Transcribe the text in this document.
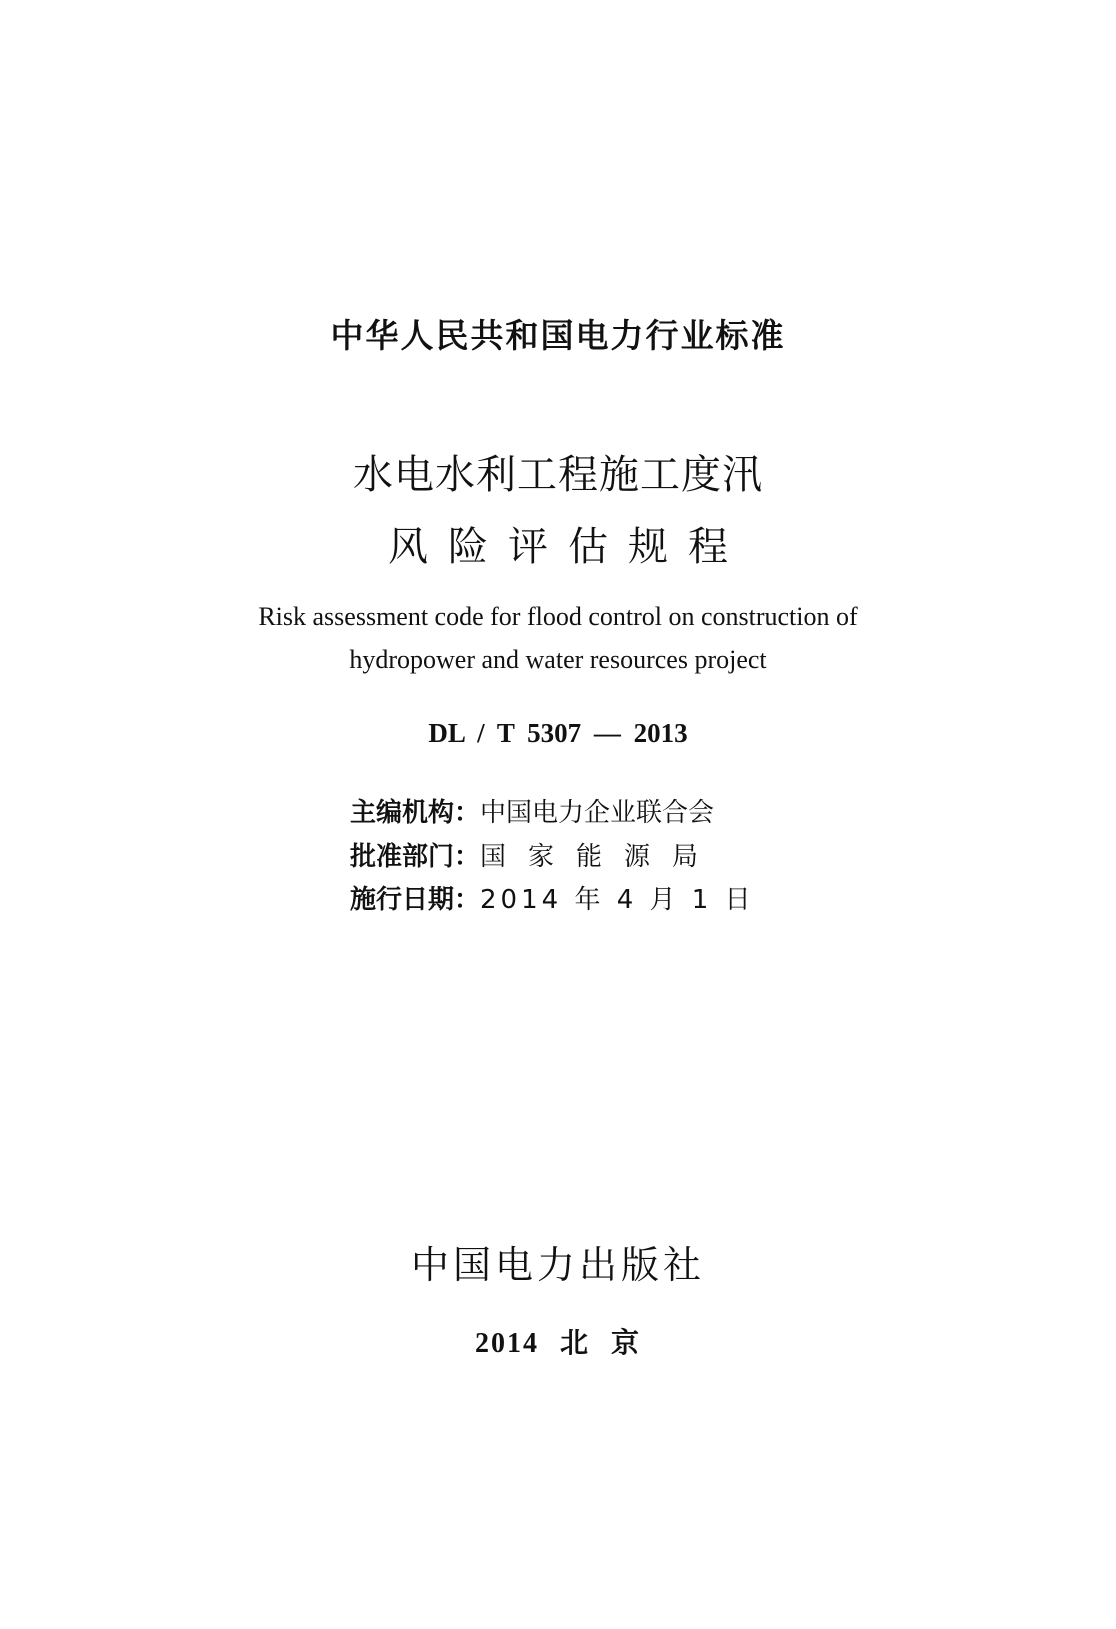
中华人民共和国电力行业标准
水电水利工程施工度汛
风险评估规程
Risk assessment code for flood control on construction of
hydropower and water resources project
DL / T 5307 — 2013
主编机构：中国电力企业联合会
批准部门：国家能源局
施行日期：2014 年 4 月 1 日
中国电力出版社
2014 北 京
